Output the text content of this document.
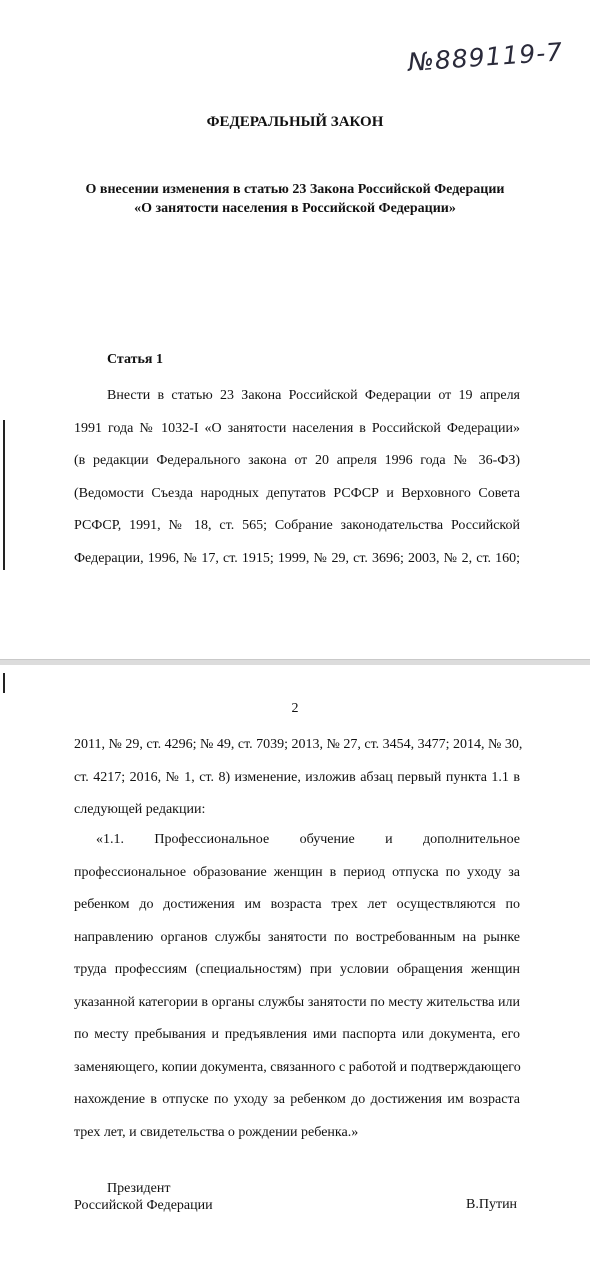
№889119-7
ФЕДЕРАЛЬНЫЙ ЗАКОН
О внесении изменения в статью 23 Закона Российской Федерации
«О занятости населения в Российской Федерации»
Статья 1
Внести в статью 23 Закона Российской Федерации от 19 апреля
1991 года № 1032-I «О занятости населения в Российской Федерации»
(в редакции Федерального закона от 20 апреля 1996 года № 36-ФЗ)
(Ведомости Съезда народных депутатов РСФСР и Верховного Совета
РСФСР, 1991, № 18, ст. 565; Собрание законодательства Российской
Федерации, 1996, № 17, ст. 1915; 1999, № 29, ст. 3696; 2003, № 2, ст. 160;
2
2011, № 29, ст. 4296; № 49, ст. 7039; 2013, № 27, ст. 3454, 3477; 2014, № 30,
ст. 4217; 2016, № 1, ст. 8) изменение, изложив абзац первый пункта 1.1 в
следующей редакции:
«1.1. Профессиональное обучение и дополнительное
профессиональное образование женщин в период отпуска по уходу за
ребенком до достижения им возраста трех лет осуществляются по
направлению органов службы занятости по востребованным на рынке
труда профессиям (специальностям) при условии обращения женщин
указанной категории в органы службы занятости по месту жительства или
по месту пребывания и предъявления ими паспорта или документа, его
заменяющего, копии документа, связанного с работой и подтверждающего
нахождение в отпуске по уходу за ребенком до достижения им возраста
трех лет, и свидетельства о рождении ребенка.»
Президент
Российской Федерации	В.Путин
